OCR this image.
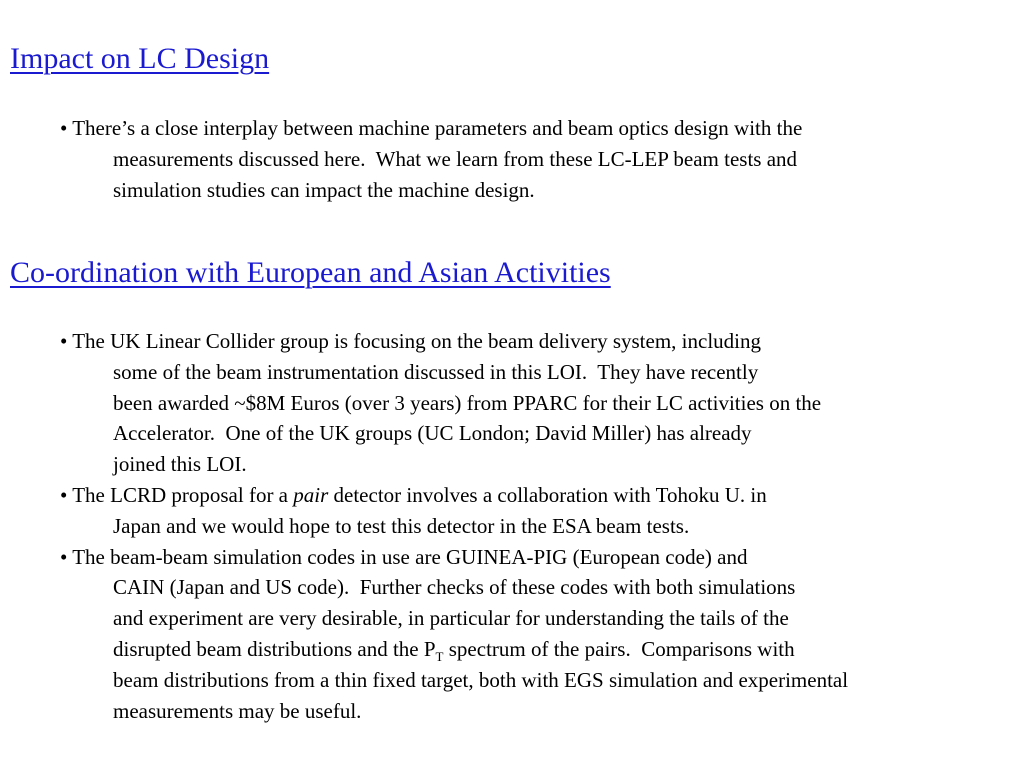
Impact on LC Design
• There’s a close interplay between machine parameters and beam optics design with the
measurements discussed here.  What we learn from these LC-LEP beam tests and
simulation studies can impact the machine design.
Co-ordination with European and Asian Activities
• The UK Linear Collider group is focusing on the beam delivery system, including
some of the beam instrumentation discussed in this LOI.  They have recently
been awarded ~$8M Euros (over 3 years) from PPARC for their LC activities on the
Accelerator.  One of the UK groups (UC London; David Miller) has already
joined this LOI.
• The LCRD proposal for a pair detector involves a collaboration with Tohoku U. in
Japan and we would hope to test this detector in the ESA beam tests.
• The beam-beam simulation codes in use are GUINEA-PIG (European code) and
CAIN (Japan and US code).  Further checks of these codes with both simulations
and experiment are very desirable, in particular for understanding the tails of the
disrupted beam distributions and the $P_T$ spectrum of the pairs.  Comparisons with
beam distributions from a thin fixed target, both with EGS simulation and experimental
measurements may be useful.
